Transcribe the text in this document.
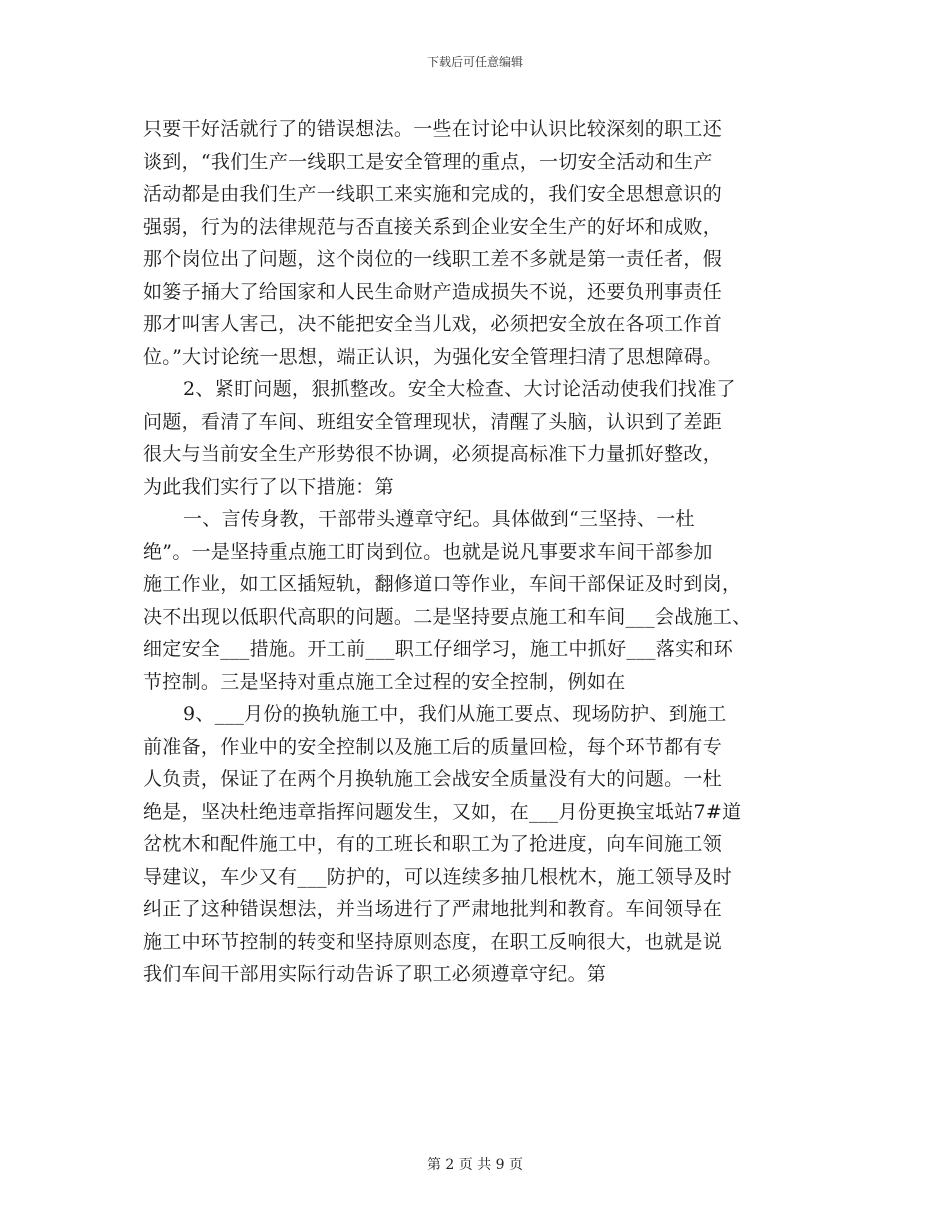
下载后可任意编辑
只要干好活就行了的错误想法。一些在讨论中认识比较深刻的职工还
谈到，“我们生产一线职工是安全管理的重点，一切安全活动和生产
活动都是由我们生产一线职工来实施和完成的，我们安全思想意识的
强弱，行为的法律规范与否直接关系到企业安全生产的好坏和成败，
那个岗位出了问题，这个岗位的一线职工差不多就是第一责任者，假
如篓子捅大了给国家和人民生命财产造成损失不说，还要负刑事责任
那才叫害人害己，决不能把安全当儿戏，必须把安全放在各项工作首
位。”大讨论统一思想，端正认识，为强化安全管理扫清了思想障碍。
2、紧盯问题，狠抓整改。安全大检查、大讨论活动使我们找准了
问题，看清了车间、班组安全管理现状，清醒了头脑，认识到了差距
很大与当前安全生产形势很不协调，必须提高标准下力量抓好整改，
为此我们实行了以下措施：第
一、言传身教，干部带头遵章守纪。具体做到“三坚持、一杜
绝”。一是坚持重点施工盯岗到位。也就是说凡事要求车间干部参加
施工作业，如工区插短轨，翻修道口等作业，车间干部保证及时到岗，
决不出现以低职代高职的问题。二是坚持要点施工和车间___会战施工、
细定安全___措施。开工前___职工仔细学习，施工中抓好___落实和环
节控制。三是坚持对重点施工全过程的安全控制，例如在
9、___月份的换轨施工中，我们从施工要点、现场防护、到施工
前准备，作业中的安全控制以及施工后的质量回检，每个环节都有专
人负责，保证了在两个月换轨施工会战安全质量没有大的问题。一杜
绝是，坚决杜绝违章指挥问题发生，又如，在___月份更换宝坻站7#道
岔枕木和配件施工中，有的工班长和职工为了抢进度，向车间施工领
导建议，车少又有___防护的，可以连续多抽几根枕木，施工领导及时
纠正了这种错误想法，并当场进行了严肃地批判和教育。车间领导在
施工中环节控制的转变和坚持原则态度，在职工反响很大，也就是说
我们车间干部用实际行动告诉了职工必须遵章守纪。第
第 2 页 共 9 页
